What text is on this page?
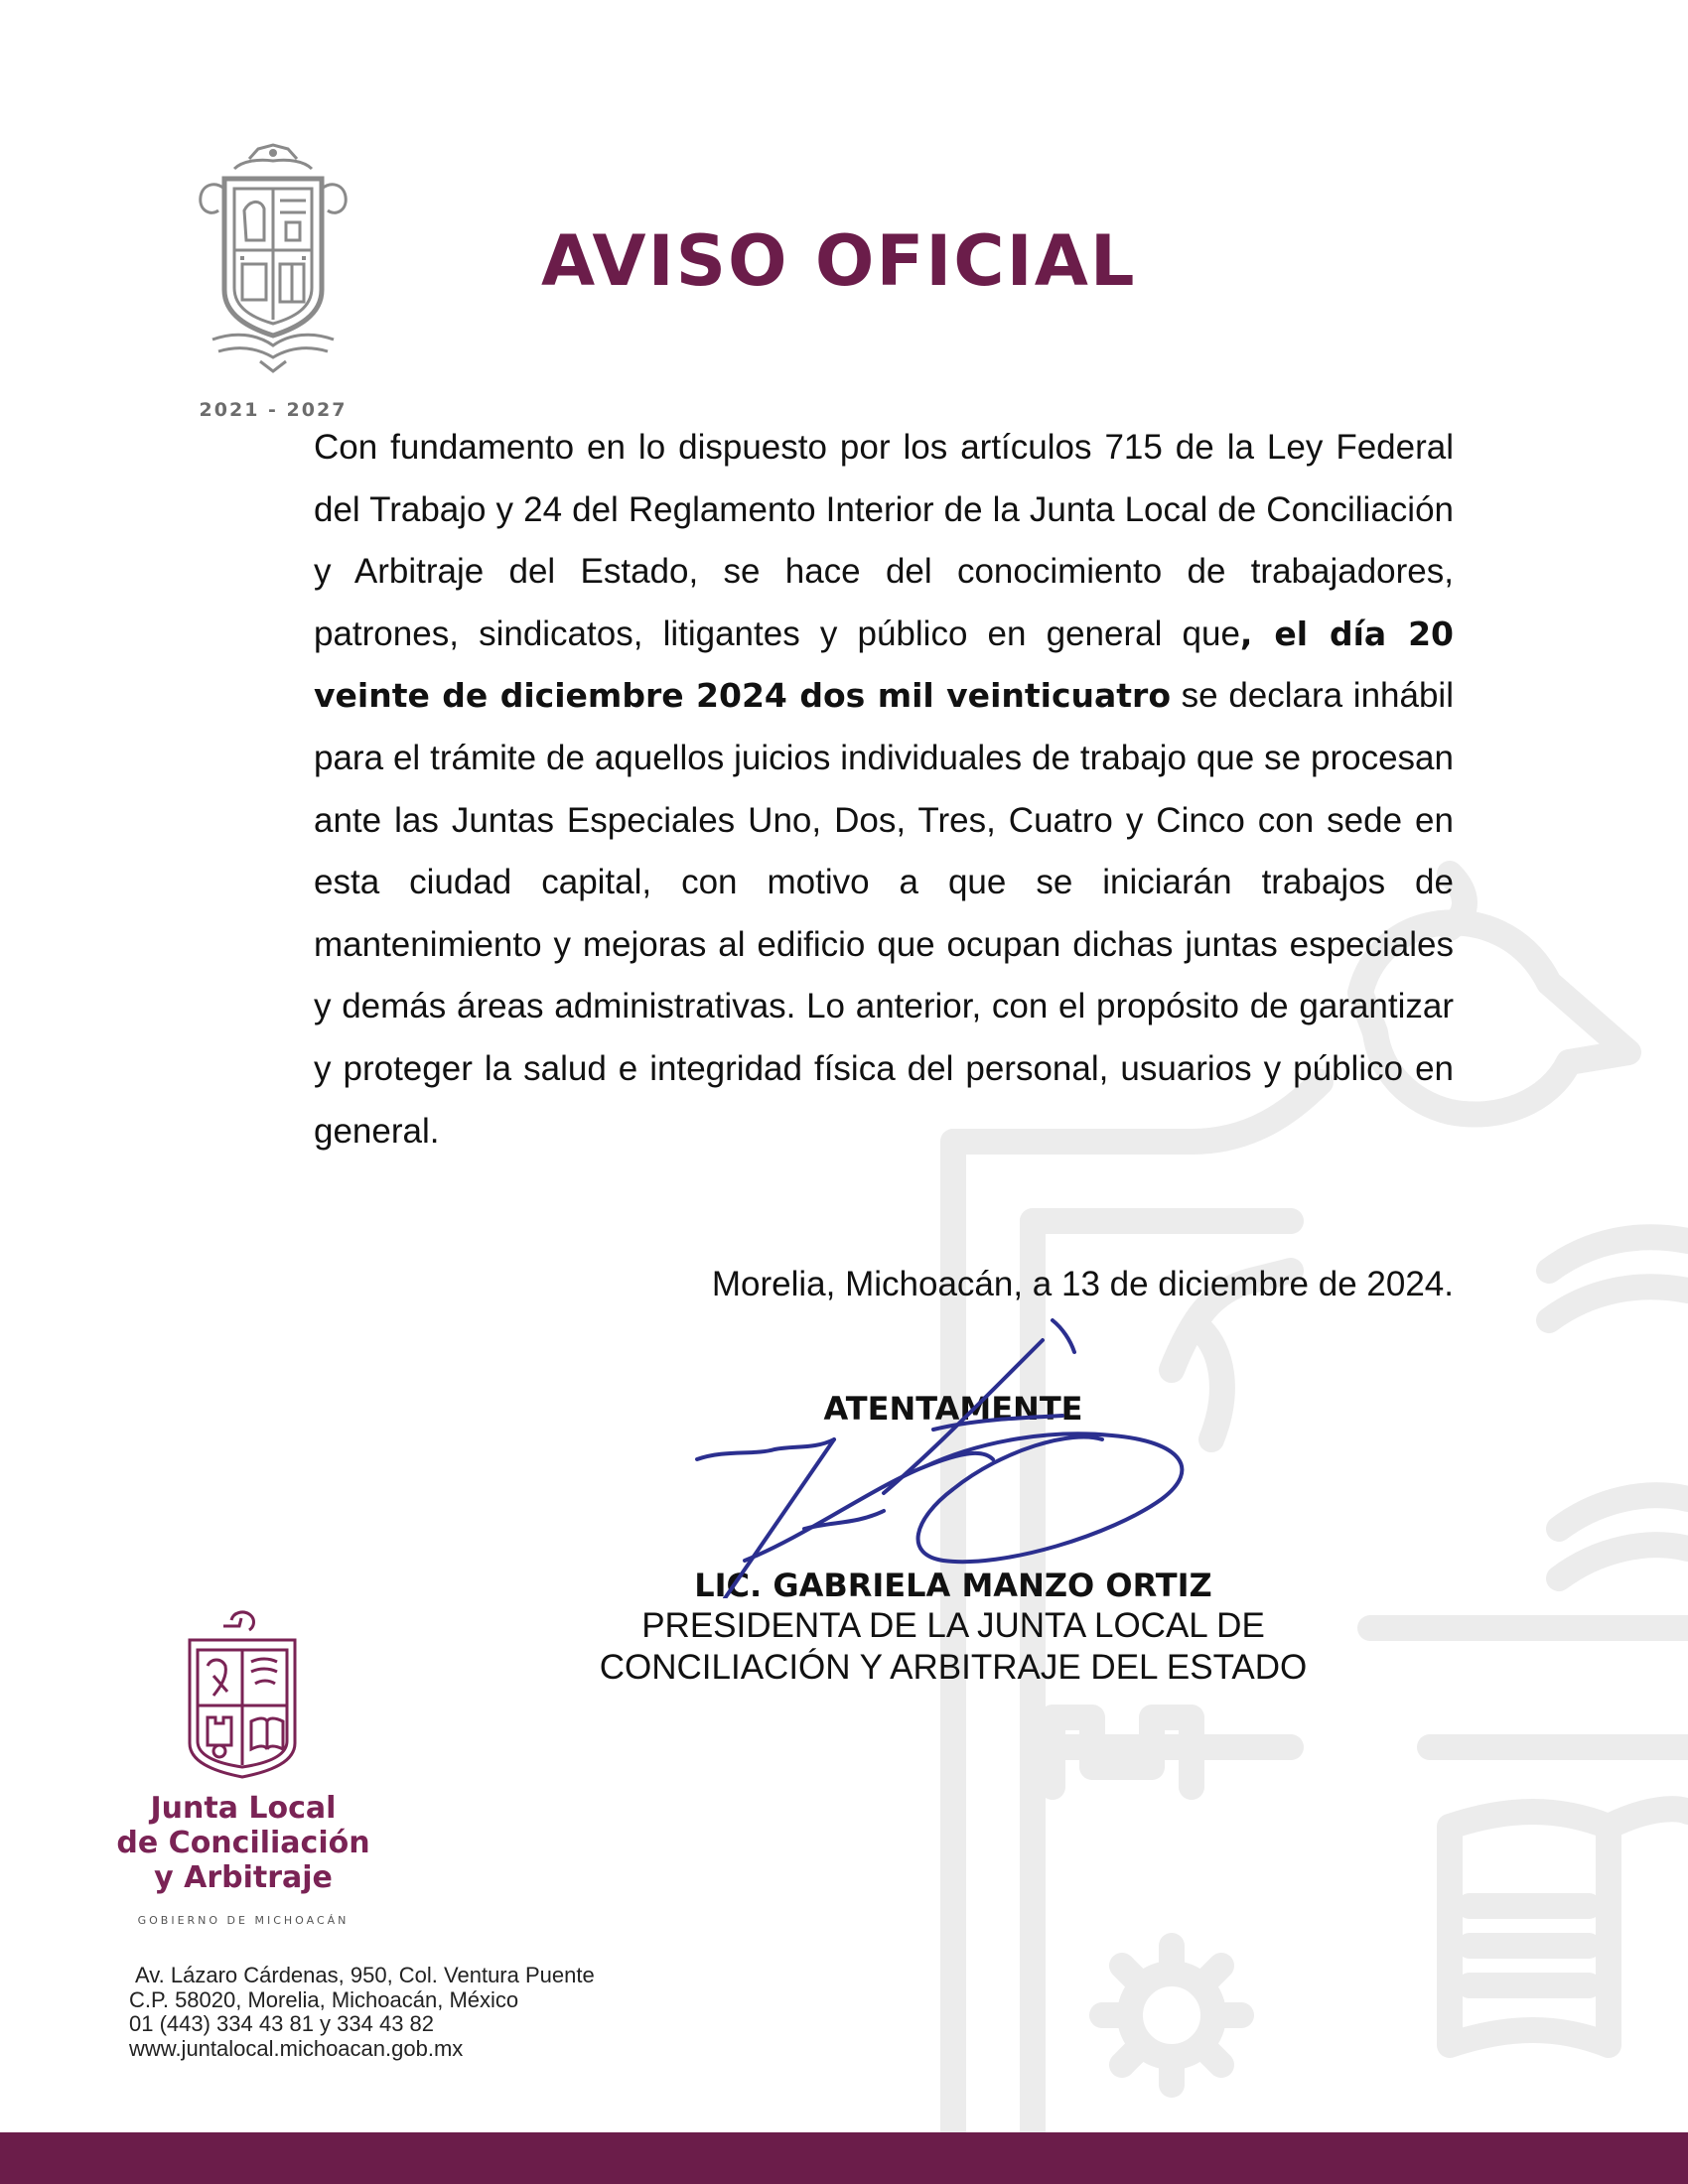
2021 - 2027
AVISO OFICIAL

Con fundamento en lo dispuesto por los artículos 715 de la Ley Federal del Trabajo y 24 del Reglamento Interior de la Junta Local de Conciliación y Arbitraje del Estado, se hace del conocimiento de trabajadores, patrones, sindicatos, litigantes y público en general que, el día 20 veinte de diciembre 2024 dos mil veinticuatro se declara inhábil para el trámite de aquellos juicios individuales de trabajo que se procesan ante las Juntas Especiales Uno, Dos, Tres, Cuatro y Cinco con sede en esta ciudad capital, con motivo a que se iniciarán trabajos de mantenimiento y mejoras al edificio que ocupan dichas juntas especiales y demás áreas administrativas. Lo anterior, con el propósito de garantizar y proteger la salud e integridad física del personal, usuarios y público en general.

Morelia, Michoacán, a 13 de diciembre de 2024.
ATENTAMENTE
LIC. GABRIELA MANZO ORTIZ
PRESIDENTA DE LA JUNTA LOCAL DE
CONCILIACIÓN Y ARBITRAJE DEL ESTADO
Junta Local
de Conciliación
y Arbitraje
GOBIERNO DE MICHOACÁN
Av. Lázaro Cárdenas, 950, Col. Ventura Puente
C.P. 58020, Morelia, Michoacán, México
01 (443) 334 43 81 y 334 43 82
www.juntalocal.michoacan.gob.mx
